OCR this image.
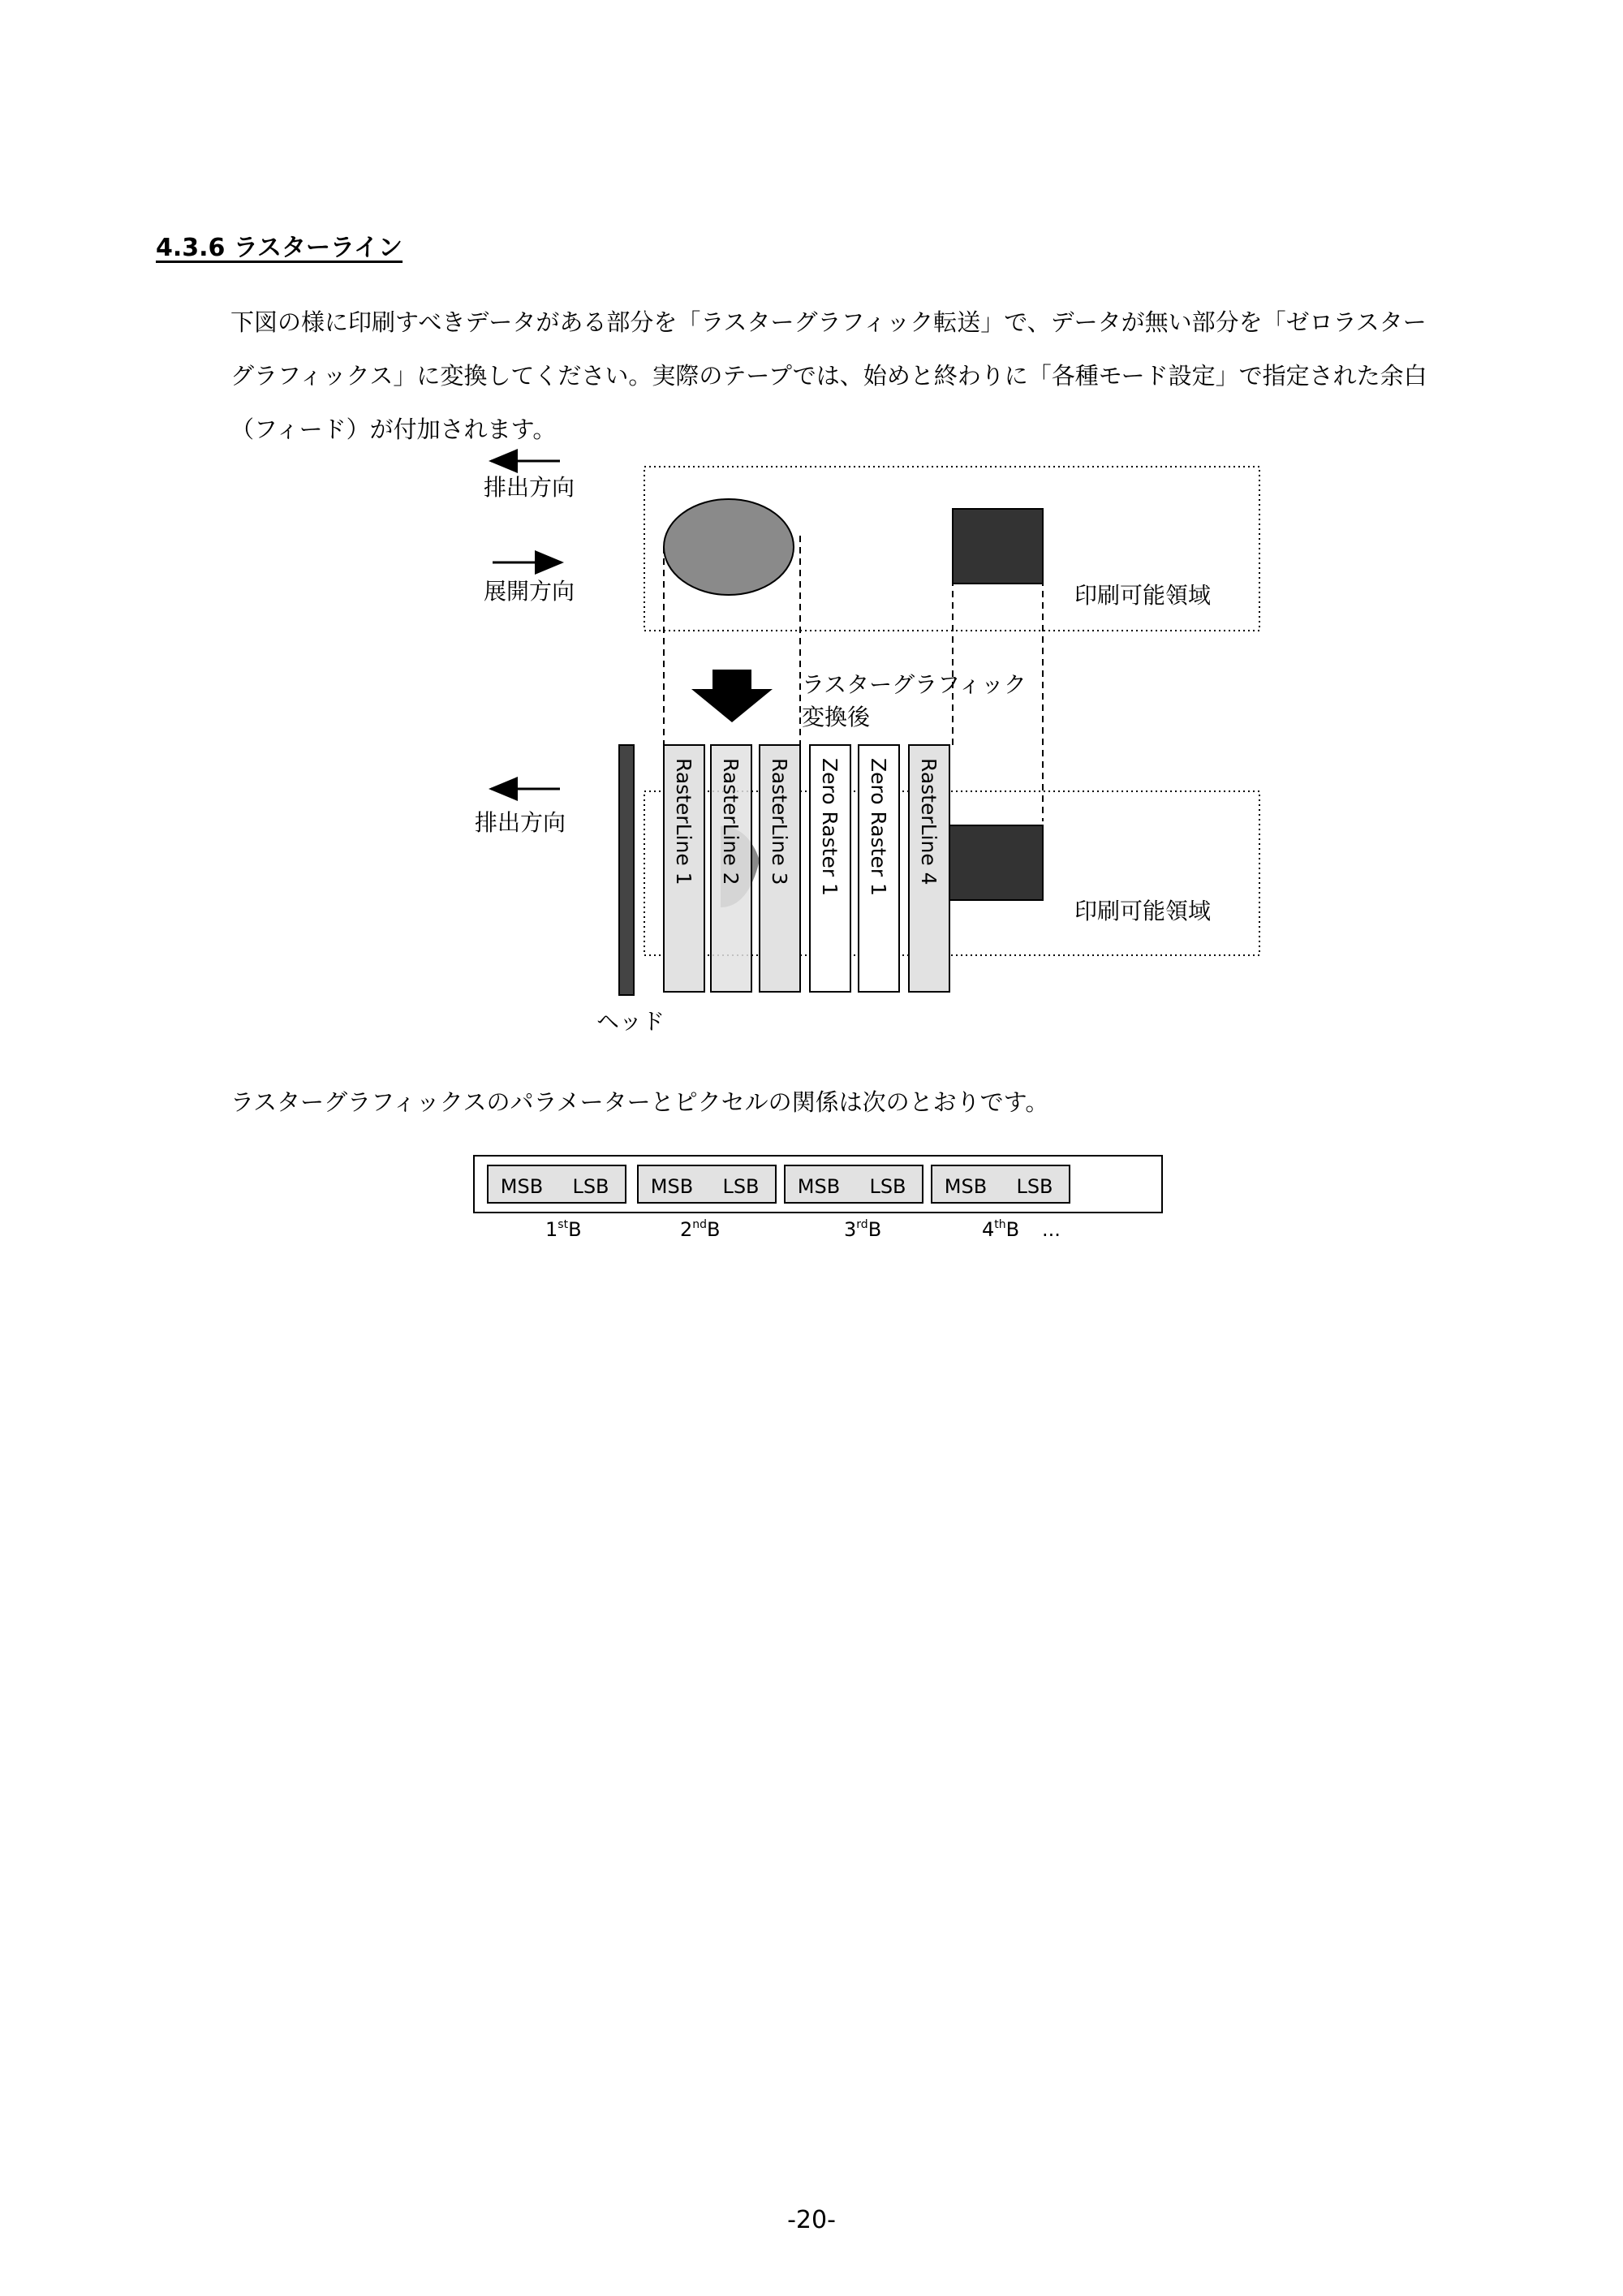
4.3.6 ラスターライン

下図の様に印刷すべきデータがある部分を「ラスターグラフィック転送」で、データが無い部分を「ゼロラスター

グラフィックス」に変換してください。実際のテープでは、始めと終わりに「各種モード設定」で指定された余白

（フィード）が付加されます。

排出方向
展開方向	印刷可能領域
ラスターグラフィック
変換後
排出方向
印刷可能領域
ヘッド
RasterLine 1 RasterLine 2 RasterLine 3 Zero Raster 1 Zero Raster 1 RasterLine 4
ラスターグラフィックスのパラメーターとピクセルの関係は次のとおりです。
MSB LSB
1stB
MSB LSB
2ndB
MSB LSB
3rdB
MSB LSB
4thB ...
-20-
